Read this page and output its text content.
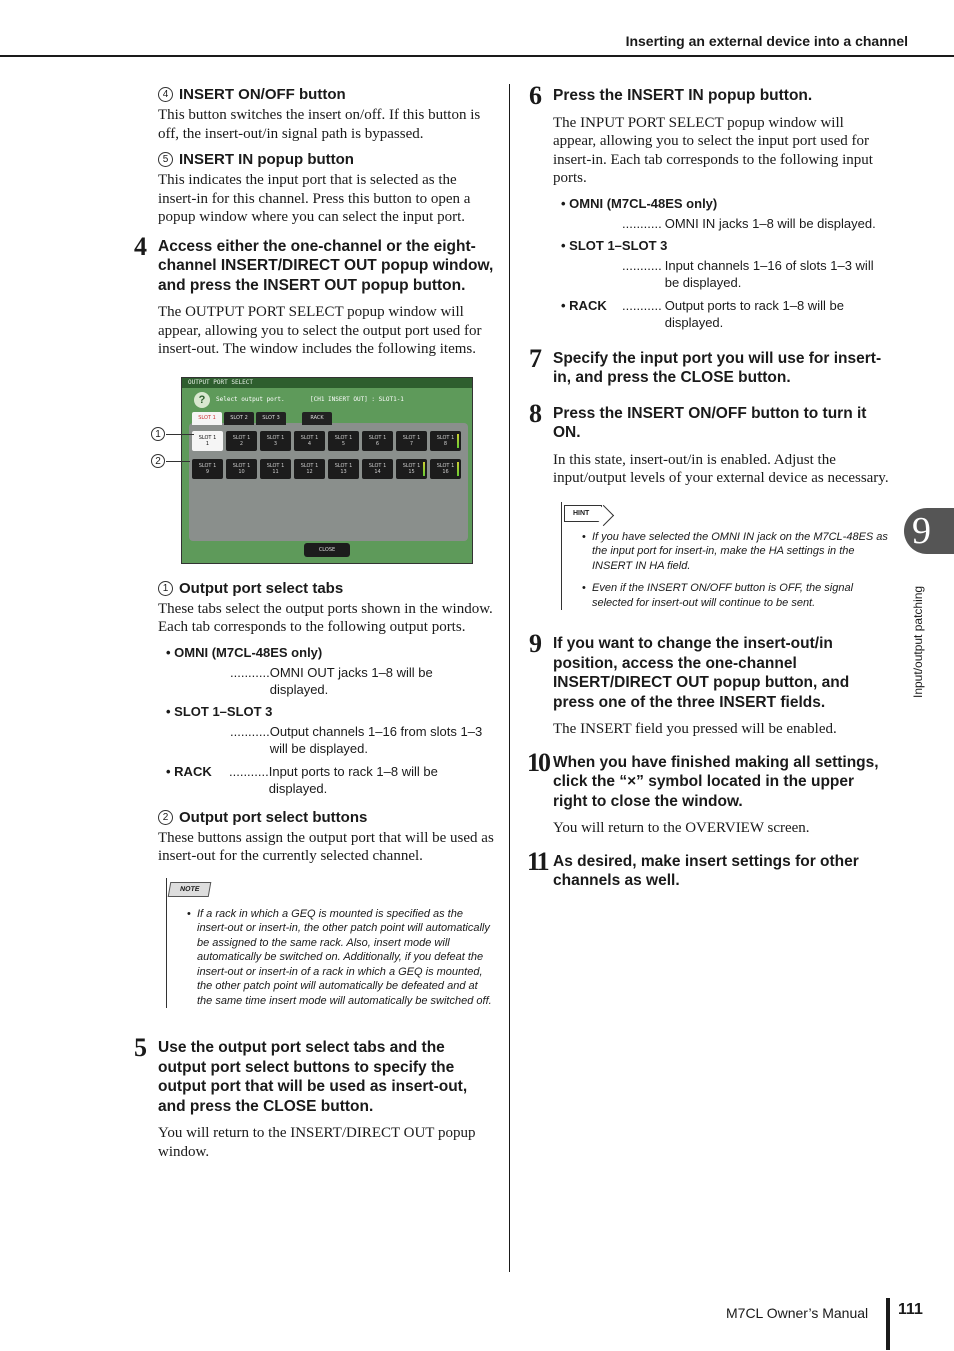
Inserting an external device into a channel
4 INSERT ON/OFF button

This button switches the insert on/off. If this button is off, the insert-out/in signal path is bypassed.

5 INSERT IN popup button

This indicates the input port that is selected as the insert-in for this channel. Press this button to open a popup window where you can select the input port.

4 Access either the one-channel or the eight-channel INSERT/DIRECT OUT popup window, and press the INSERT OUT popup button.

The OUTPUT PORT SELECT popup window will appear, allowing you to select the output port used for insert-out. The window includes the following items.

OUTPUT PORT SELECT
?	Select output port.	[CH1 INSERT OUT] : SLOT1-1
SLOT 1	SLOT 2	SLOT 3	RACK
SLOT 1
1
SLOT 1
2
SLOT 1
3
SLOT 1
4
SLOT 1
5
SLOT 1
6
SLOT 1
7
SLOT 1
8
SLOT 1
9
SLOT 1
10
SLOT 1
11
SLOT 1
12
SLOT 1
13
SLOT 1
14
SLOT 1
15
SLOT 1
16
CLOSE
1 Output port select tabs

These tabs select the output ports shown in the window. Each tab corresponds to the following output ports.

• OMNI (M7CL-48ES only)
........... OMNI OUT jacks 1–8 will be displayed.
• SLOT 1–SLOT 3
........... Output channels 1–16 from slots 1–3 will be displayed.
• RACK	........... Input ports to rack 1–8 will be displayed.
2 Output port select buttons

These buttons assign the output port that will be used as insert-out for the currently selected channel.

NOTE
• If a rack in which a GEQ is mounted is specified as the insert-out or insert-in, the other patch point will automatically be assigned to the same rack. Also, insert mode will automatically be switched on. Additionally, if you defeat the insert-out or insert-in of a rack in which a GEQ is mounted, the other patch point will automatically be defeated and at the same time insert mode will automatically be switched off.
5 Use the output port select tabs and the output port select buttons to specify the output port that will be used as insert-out, and press the CLOSE button.

You will return to the INSERT/DIRECT OUT popup window.

1
2
6 Press the INSERT IN popup button.

The INPUT PORT SELECT popup window will appear, allowing you to select the input port used for insert-in. Each tab corresponds to the following input ports.

• OMNI (M7CL-48ES only)
........... OMNI IN jacks 1–8 will be displayed.
• SLOT 1–SLOT 3
........... Input channels 1–16 of slots 1–3 will be displayed.
• RACK	........... Output ports to rack 1–8 will be displayed.
7 Specify the input port you will use for insert-in, and press the CLOSE button.
8 Press the INSERT ON/OFF button to turn it ON.

In this state, insert-out/in is enabled. Adjust the input/output levels of your external device as necessary.

HINT
• If you have selected the OMNI IN jack on the M7CL-48ES as the input port for insert-in, make the HA settings in the INSERT IN HA field.
• Even if the INSERT ON/OFF button is OFF, the signal selected for insert-out will continue to be sent.
9 If you want to change the insert-out/in position, access the one-channel INSERT/DIRECT OUT popup button, and press one of the three INSERT fields.

The INSERT field you pressed will be enabled.

10 When you have finished making all settings, click the “×” symbol located in the upper right to close the window.

You will return to the OVERVIEW screen.

11 As desired, make insert settings for other channels as well.
9
Input/output patching
M7CL Owner’s Manual 111
